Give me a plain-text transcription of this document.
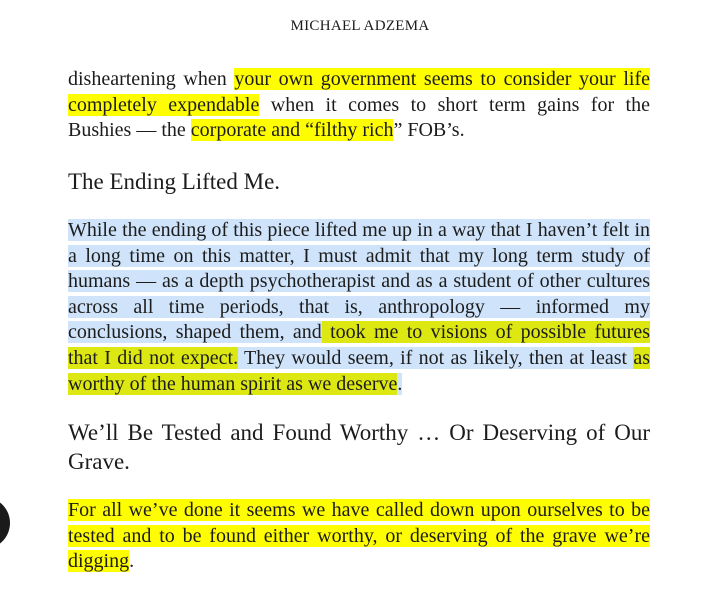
MICHAEL ADZEMA

disheartening when your own government seems to consider your life completely expendable when it comes to short term gains for the Bushies — the corporate and “filthy rich” FOB’s.

The Ending Lifted Me.

While the ending of this piece lifted me up in a way that I haven’t felt in a long time on this matter, I must admit that my long term study of humans — as a depth psychotherapist and as a student of other cultures across all time periods, that is, anthropology — informed my conclusions, shaped them, and took me to visions of possible futures that I did not expect. They would seem, if not as likely, then at least as worthy of the human spirit as we deserve.

We’ll Be Tested and Found Worthy … Or Deserving of Our Grave.

For all we’ve done it seems we have called down upon ourselves to be tested and to be found either worthy, or deserving of the grave we’re digging.
